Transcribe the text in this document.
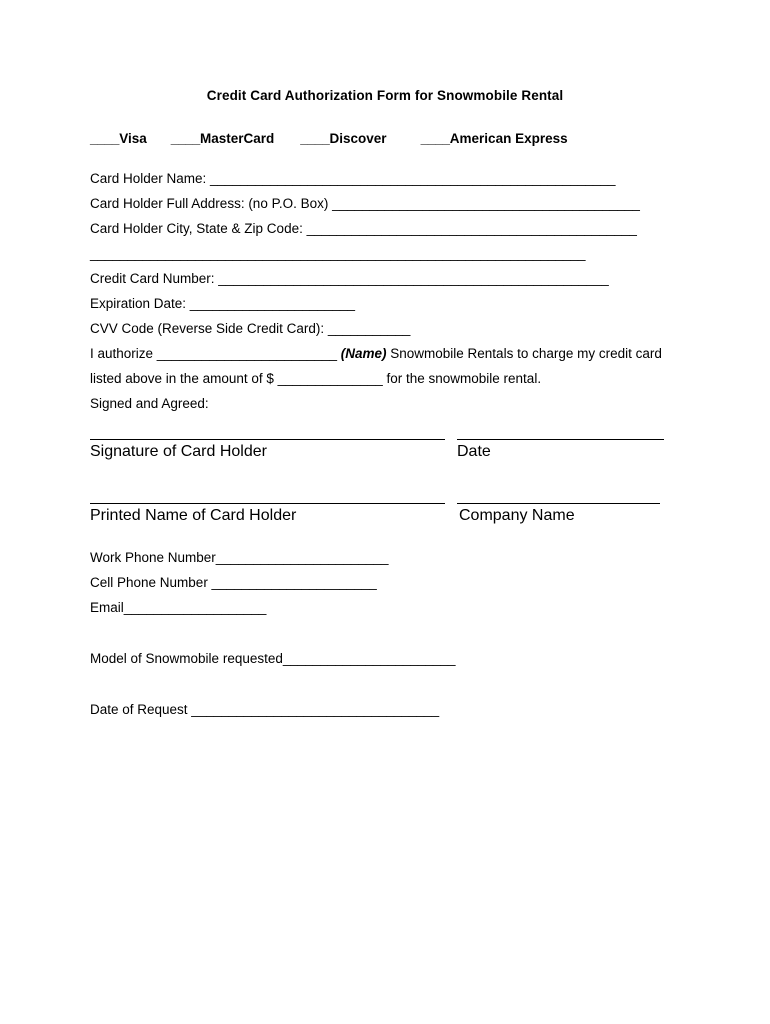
Credit Card Authorization Form for Snowmobile Rental
____Visa ____MasterCard ____Discover	____American Express

Card Holder Name: ______________________________________________________

Card Holder Full Address: (no P.O. Box) _________________________________________

Card Holder City, State & Zip Code: ____________________________________________

__________________________________________________________________

Credit Card Number: ____________________________________________________

Expiration Date: ______________________

CVV Code (Reverse Side Credit Card): ___________

I authorize ________________________ (Name) Snowmobile Rentals to charge my credit card

listed above in the amount of $ ______________ for the snowmobile rental.

Signed and Agreed:

Signature of Card Holder	Date
Printed Name of Card Holder	Company Name

Work Phone Number_______________________

Cell Phone Number ______________________

Email___________________

Model of Snowmobile requested_______________________

Date of Request _________________________________
